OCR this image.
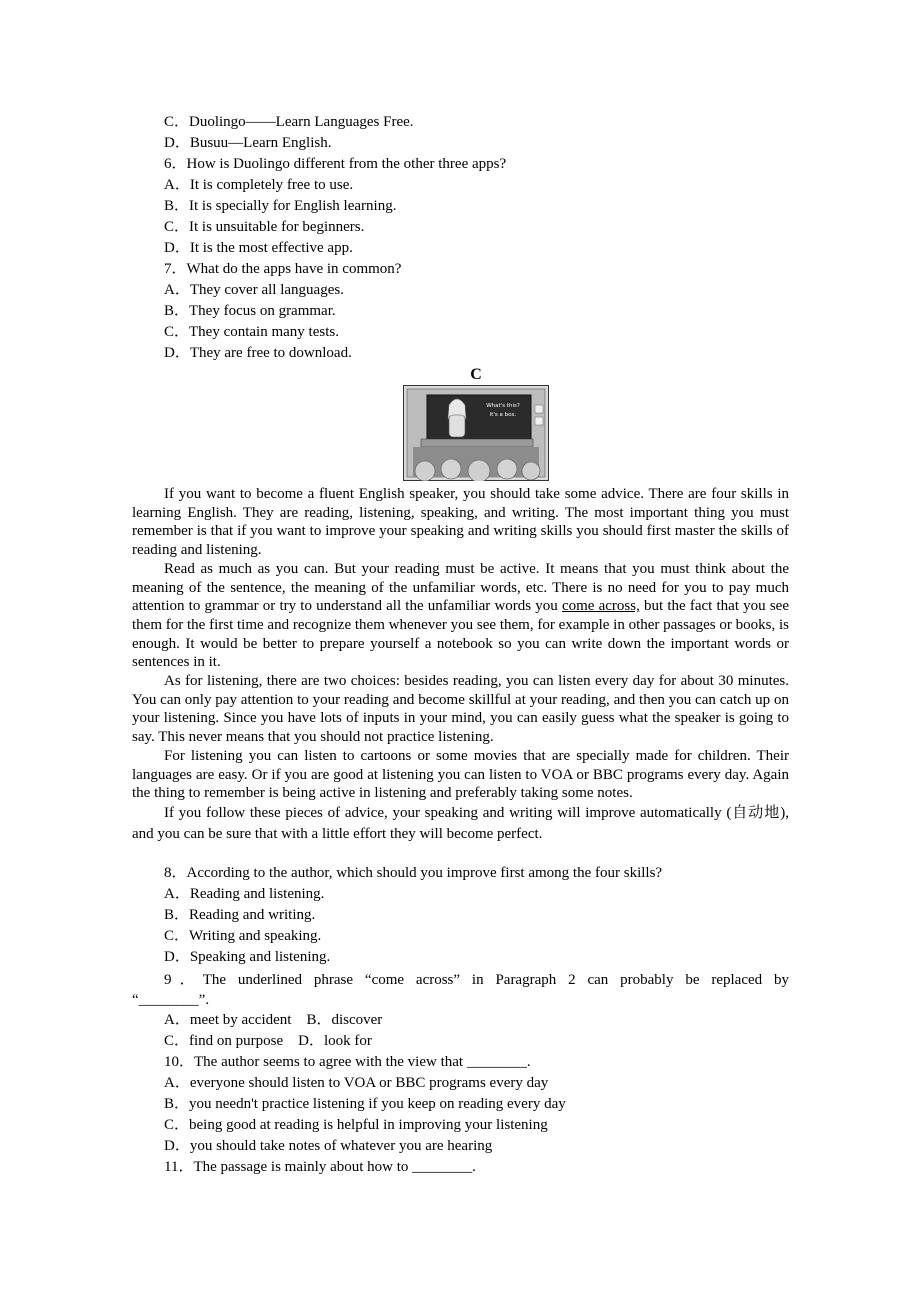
C．Duolingo——Learn Languages Free.
D．Busuu—Learn English.
6．How is Duolingo different from the other three apps?
A．It is completely free to use.
B．It is specially for English learning.
C．It is unsuitable for beginners.
D．It is the most effective app.
7．What do the apps have in common?
A．They cover all languages.
B．They focus on grammar.
C．They contain many tests.
D．They are free to download.
C
What's this?
It's a box.

If you want to become a fluent English speaker, you should take some advice. There are four skills in learning English. They are reading, listening, speaking, and writing. The most important thing you must remember is that if you want to improve your speaking and writing skills you should first master the skills of reading and listening.

Read as much as you can. But your reading must be active. It means that you must think about the meaning of the sentence, the meaning of the unfamiliar words, etc. There is no need for you to pay much attention to grammar or try to understand all the unfamiliar words you come across, but the fact that you see them for the first time and recognize them whenever you see them, for example in other passages or books, is enough. It would be better to prepare yourself a notebook so you can write down the important words or sentences in it.

As for listening, there are two choices: besides reading, you can listen every day for about 30 minutes. You can only pay attention to your reading and become skillful at your reading, and then you can catch up on your listening. Since you have lots of inputs in your mind, you can easily guess what the speaker is going to say. This never means that you should not practice listening.

For listening you can listen to cartoons or some movies that are specially made for children. Their languages are easy. Or if you are good at listening you can listen to VOA or BBC programs every day. Again the thing to remember is being active in listening and preferably taking some notes.

If you follow these pieces of advice, your speaking and writing will improve automatically (自动地), and you can be sure that with a little effort they will become perfect.

8．According to the author, which should you improve first among the four skills?
A．Reading and listening.
B．Reading and writing.
C．Writing and speaking.
D．Speaking and listening.
9．The underlined phrase “come across” in Paragraph 2 can probably be replaced by
“________”.
A．meet by accident　B．discover
C．find on purpose　D．look for
10．The author seems to agree with the view that ________.
A．everyone should listen to VOA or BBC programs every day
B．you needn't practice listening if you keep on reading every day
C．being good at reading is helpful in improving your listening
D．you should take notes of whatever you are hearing
11．The passage is mainly about how to ________.
